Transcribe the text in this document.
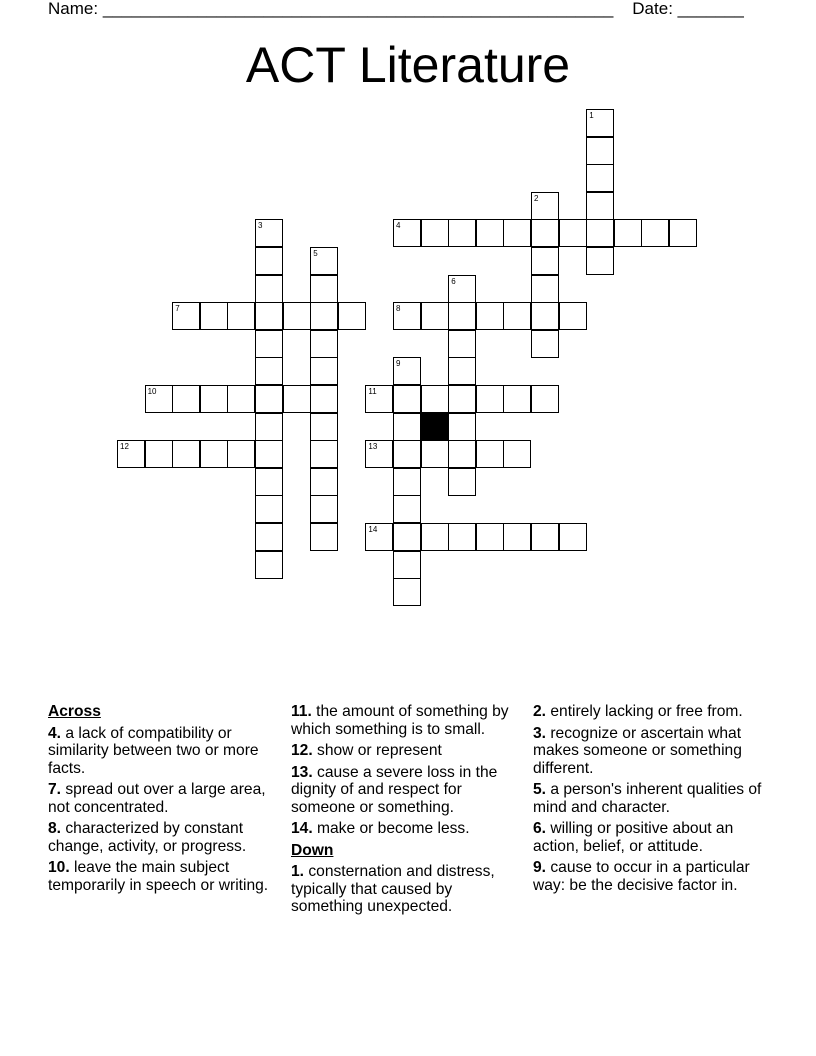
Name: ______________________________________________________ Date: _______
ACT Literature
1
2
3	4
5
6
7	8
9
10	11
12	13
14
Across
4. a lack of compatibility or similarity between two or more facts.
7. spread out over a large area, not concentrated.
8. characterized by constant change, activity, or progress.
10. leave the main subject temporarily in speech or writing.
11. the amount of something by which something is to small.
12. show or represent
13. cause a severe loss in the dignity of and respect for someone or something.
14. make or become less.
Down
1. consternation and distress, typically that caused by something unexpected.
2. entirely lacking or free from.
3. recognize or ascertain what makes someone or something different.
5. a person's inherent qualities of mind and character.
6. willing or positive about an action, belief, or attitude.
9. cause to occur in a particular way: be the decisive factor in.
